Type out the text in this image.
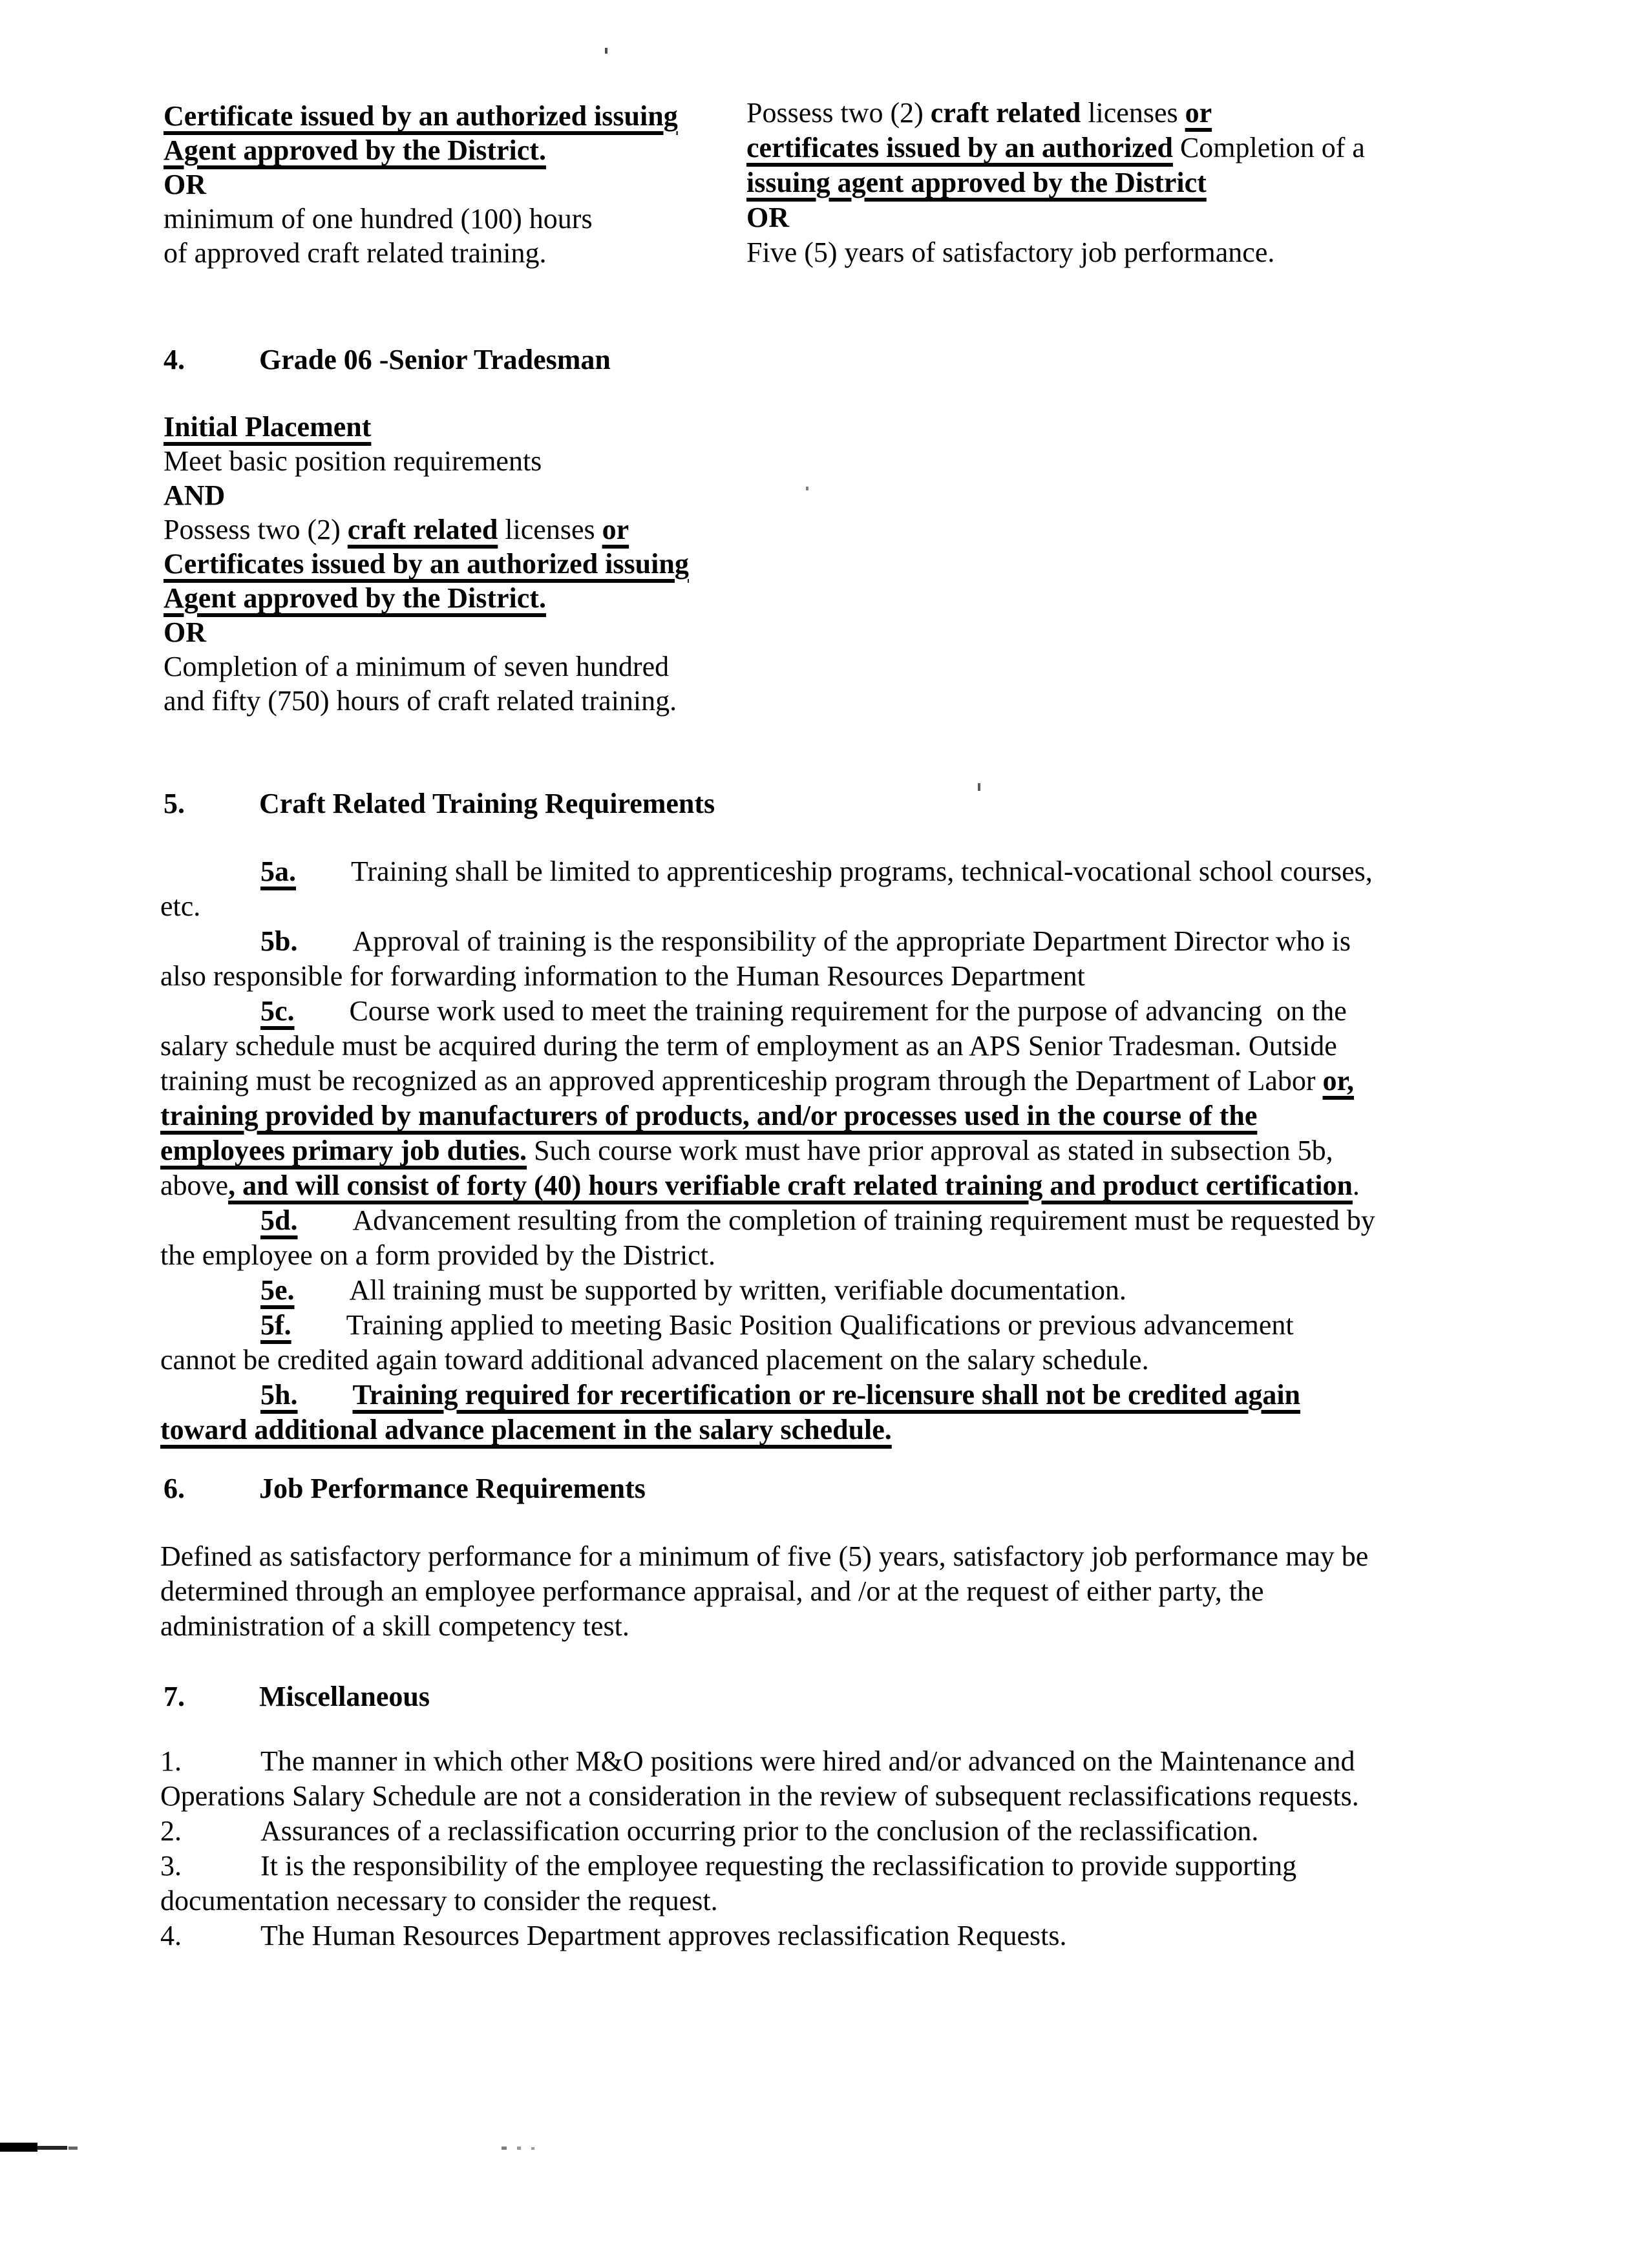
Certificate issued by an authorized issuing
Agent approved by the District.
OR
minimum of one hundred (100) hours
of approved craft related training.
Possess two (2) craft related licenses or
certificates issued by an authorized Completion of a
issuing agent approved by the District
OR
Five (5) years of satisfactory job performance.
4.	Grade 06 -Senior Tradesman
Initial Placement
Meet basic position requirements
AND
Possess two (2) craft related licenses or
Certificates issued by an authorized issuing
Agent approved by the District.
OR
Completion of a minimum of seven hundred
and fifty (750) hours of craft related training.
5.	Craft Related Training Requirements
5a. Training shall be limited to apprenticeship programs, technical-vocational school courses,
etc.
5b. Approval of training is the responsibility of the appropriate Department Director who is
also responsible for forwarding information to the Human Resources Department
5c. Course work used to meet the training requirement for the purpose of advancing  on the
salary schedule must be acquired during the term of employment as an APS Senior Tradesman. Outside
training must be recognized as an approved apprenticeship program through the Department of Labor or,
training provided by manufacturers of products, and/or processes used in the course of the
employees primary job duties. Such course work must have prior approval as stated in subsection 5b,
above, and will consist of forty (40) hours verifiable craft related training and product certification.
5d. Advancement resulting from the completion of training requirement must be requested by
the employee on a form provided by the District.
5e. All training must be supported by written, verifiable documentation.
5f. Training applied to meeting Basic Position Qualifications or previous advancement
cannot be credited again toward additional advanced placement on the salary schedule.
5h. Training required for recertification or re-licensure shall not be credited again
toward additional advance placement in the salary schedule.
6.	Job Performance Requirements
Defined as satisfactory performance for a minimum of five (5) years, satisfactory job performance may be
determined through an employee performance appraisal, and /or at the request of either party, the
administration of a skill competency test.
7.	Miscellaneous
1.	The manner in which other M&O positions were hired and/or advanced on the Maintenance and
Operations Salary Schedule are not a consideration in the review of subsequent reclassifications requests.
2.	Assurances of a reclassification occurring prior to the conclusion of the reclassification.
3.	It is the responsibility of the employee requesting the reclassification to provide supporting
documentation necessary to consider the request.
4.	The Human Resources Department approves reclassification Requests.
